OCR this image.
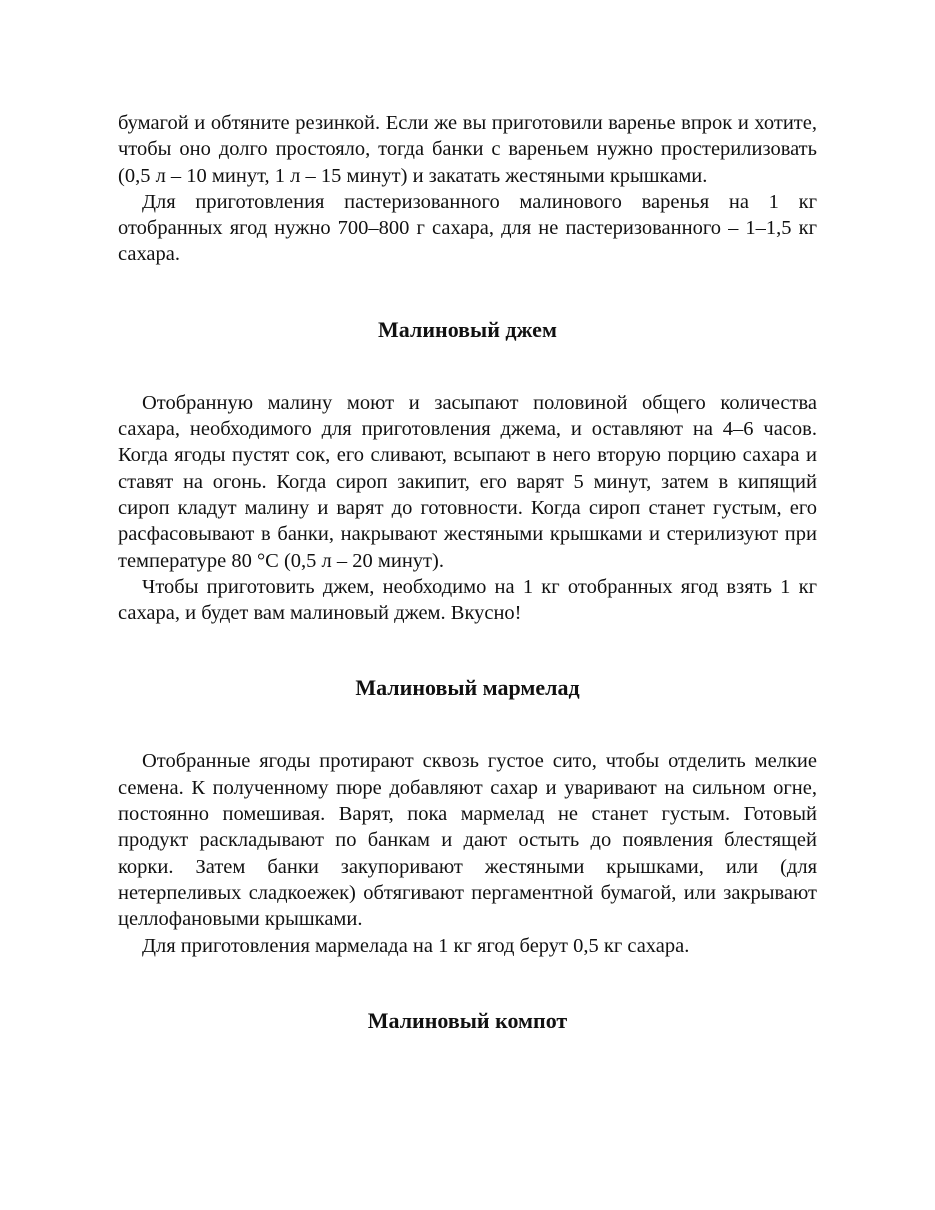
бумагой и обтяните резинкой. Если же вы приготовили варенье впрок и хотите, чтобы оно долго простояло, тогда банки с вареньем нужно простерилизовать (0,5 л – 10 минут, 1 л – 15 минут) и закатать жестяными крышками.

Для приготовления пастеризованного малинового варенья на 1 кг отобранных ягод нужно 700–800 г сахара, для не пастеризованного – 1–1,5 кг сахара.

Малиновый джем

Отобранную малину моют и засыпают половиной общего количества сахара, необходимого для приготовления джема, и оставляют на 4–6 часов. Когда ягоды пустят сок, его сливают, всыпают в него вторую порцию сахара и ставят на огонь. Когда сироп закипит, его варят 5 минут, затем в кипящий сироп кладут малину и варят до готовности. Когда сироп станет густым, его расфасовывают в банки, накрывают жестяными крышками и стерилизуют при температуре 80 °С (0,5 л – 20 минут).

Чтобы приготовить джем, необходимо на 1 кг отобранных ягод взять 1 кг сахара, и будет вам малиновый джем. Вкусно!

Малиновый мармелад

Отобранные ягоды протирают сквозь густое сито, чтобы отделить мелкие семена. К полученному пюре добавляют сахар и уваривают на сильном огне, постоянно помешивая. Варят, пока мармелад не станет густым. Готовый продукт раскладывают по банкам и дают остыть до появления блестящей корки. Затем банки закупоривают жестяными крышками, или (для нетерпеливых сладкоежек) обтягивают пергаментной бумагой, или закрывают целлофановыми крышками.

Для приготовления мармелада на 1 кг ягод берут 0,5 кг сахара.

Малиновый компот
